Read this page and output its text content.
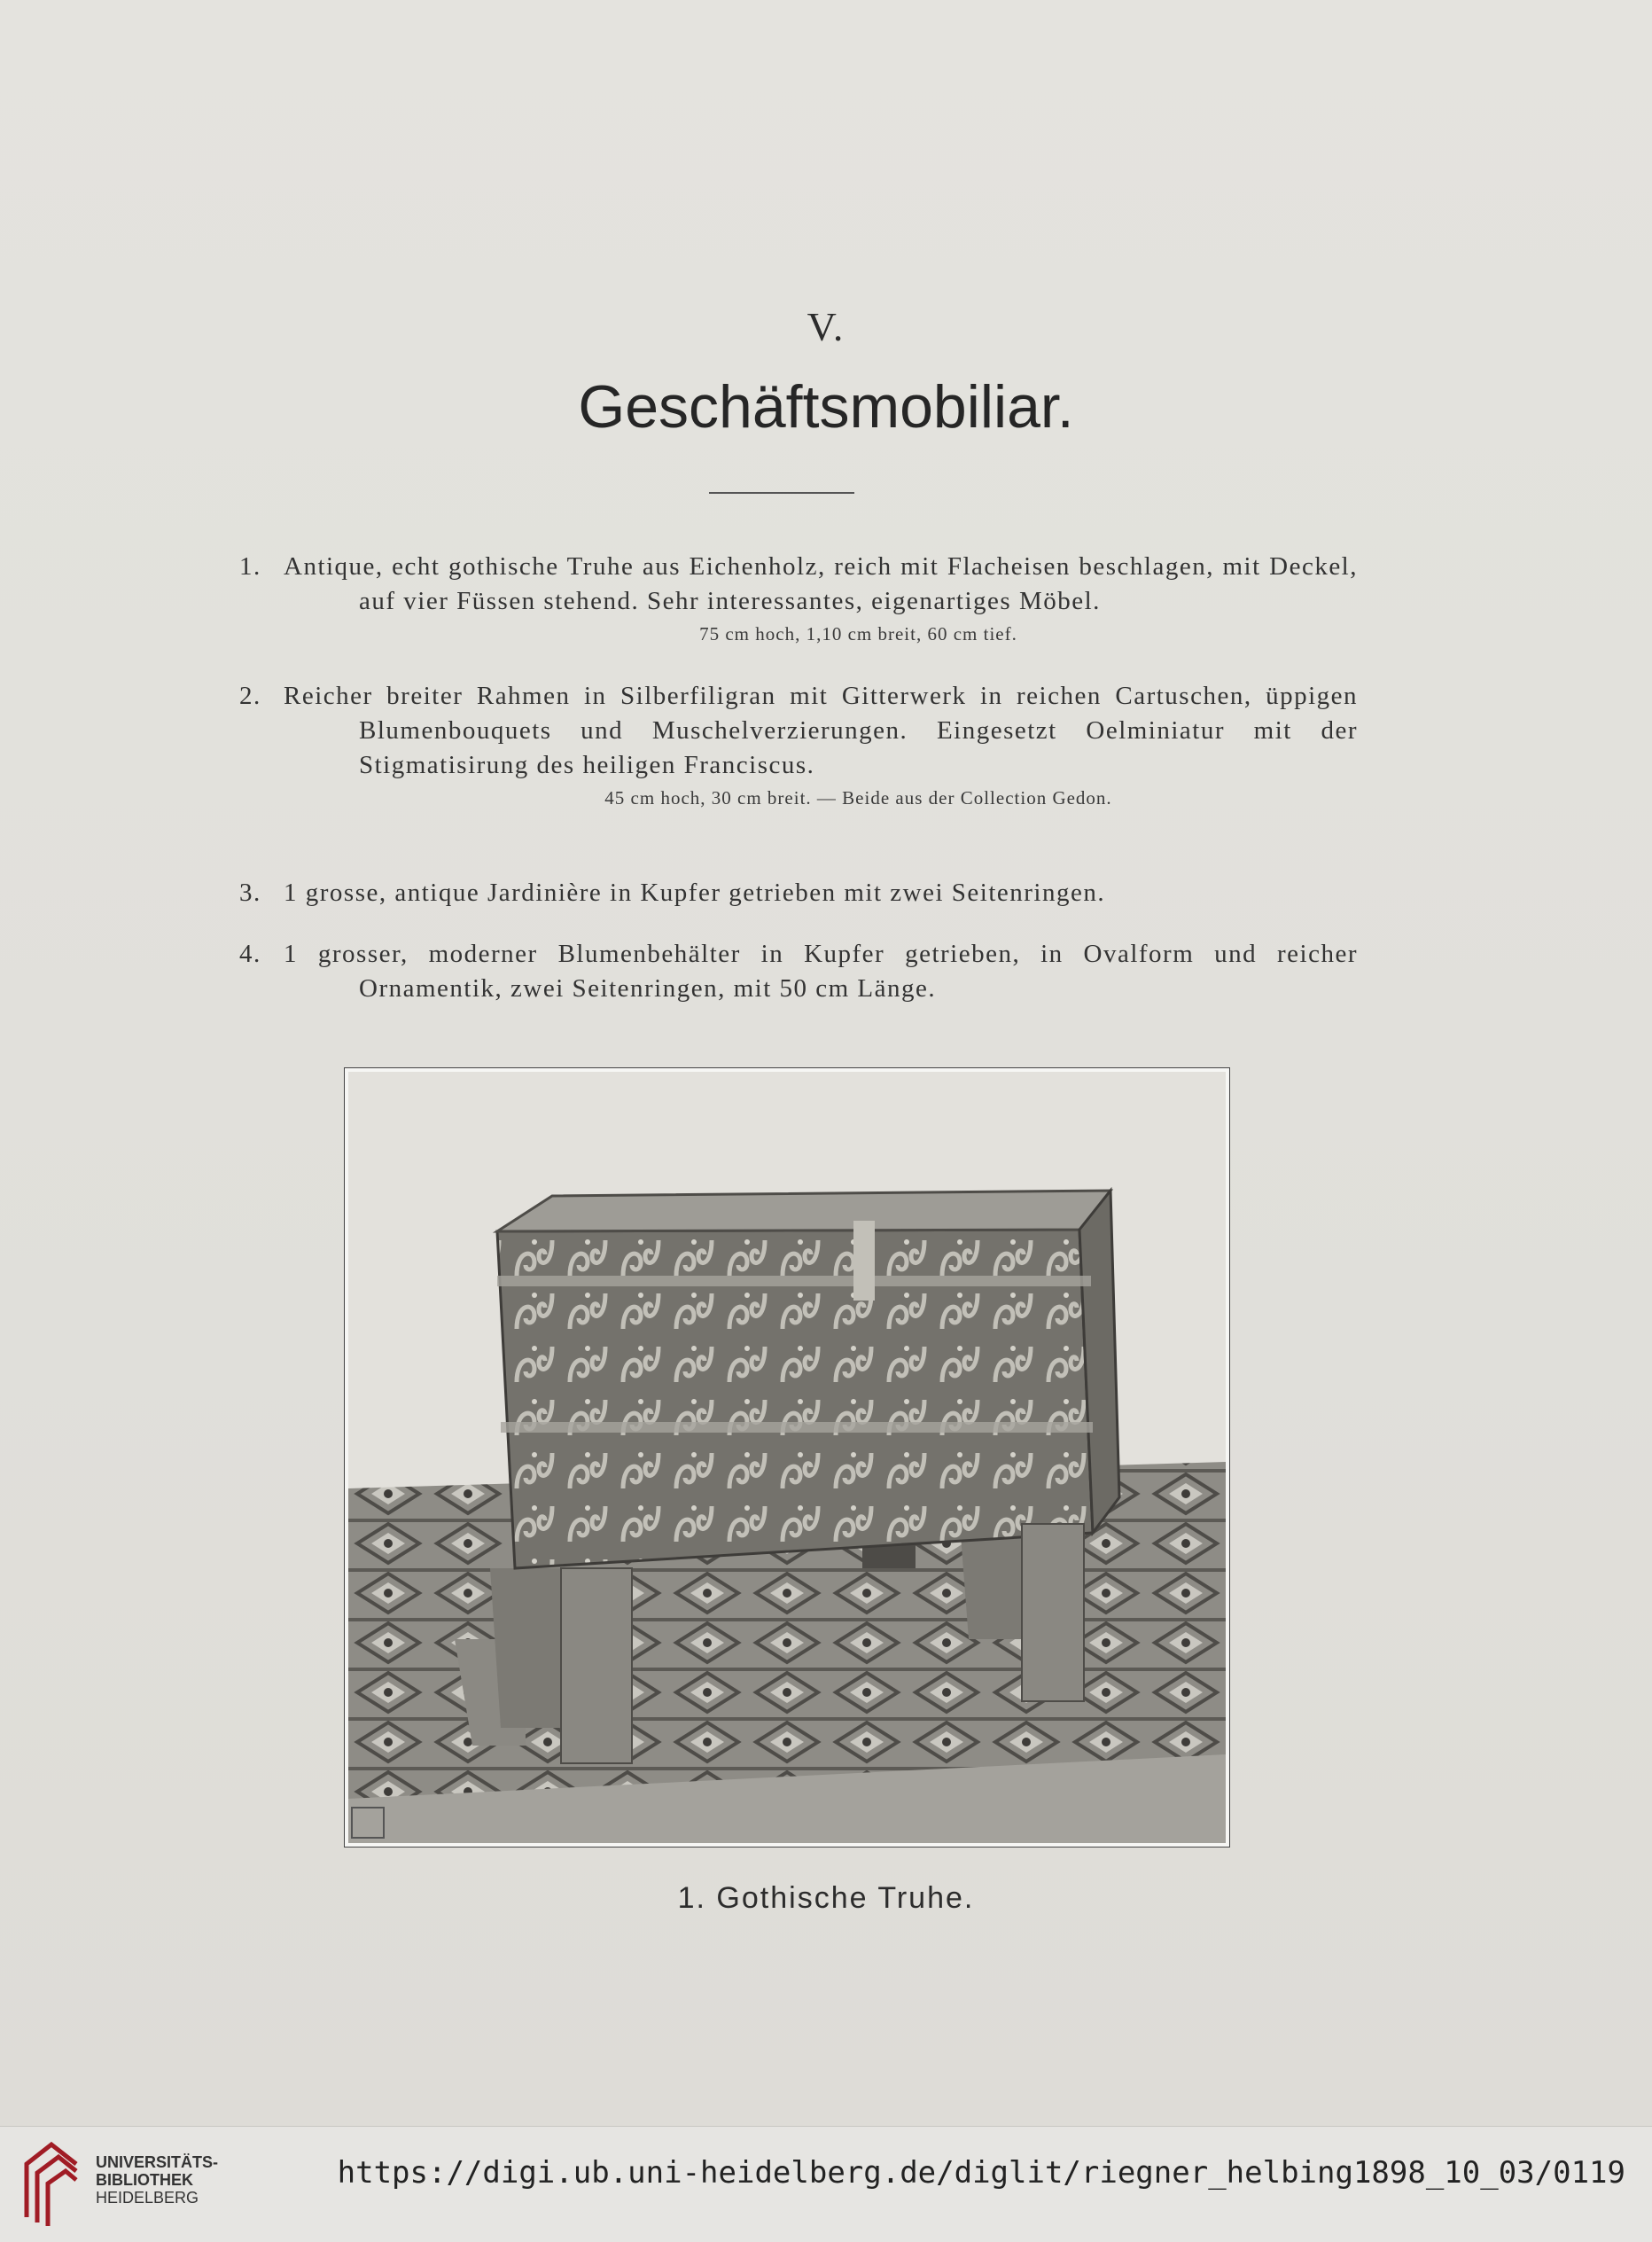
V.
Geschäftsmobiliar.
1. Antique, echt gothische Truhe aus Eichenholz, reich mit Flacheisen beschlagen, mit Deckel, auf vier Füssen stehend. Sehr interessantes, eigenartiges Möbel.
75 cm hoch, 1,10 cm breit, 60 cm tief.
2. Reicher breiter Rahmen in Silberfiligran mit Gitterwerk in reichen Cartuschen, üppigen Blumenbouquets und Muschelverzierungen. Eingesetzt Oelminiatur mit der Stigmatisirung des heiligen Franciscus.
45 cm hoch, 30 cm breit. — Beide aus der Collection Gedon.
3. 1 grosse, antique Jardinière in Kupfer getrieben mit zwei Seitenringen.
4. 1 grosser, moderner Blumenbehälter in Kupfer getrieben, in Ovalform und reicher Ornamentik, zwei Seitenringen, mit 50 cm Länge.
1. Gothische Truhe.
UNIVERSITÄTS-
BIBLIOTHEK
HEIDELBERG
https://digi.ub.uni-heidelberg.de/diglit/riegner_helbing1898_10_03/0119
